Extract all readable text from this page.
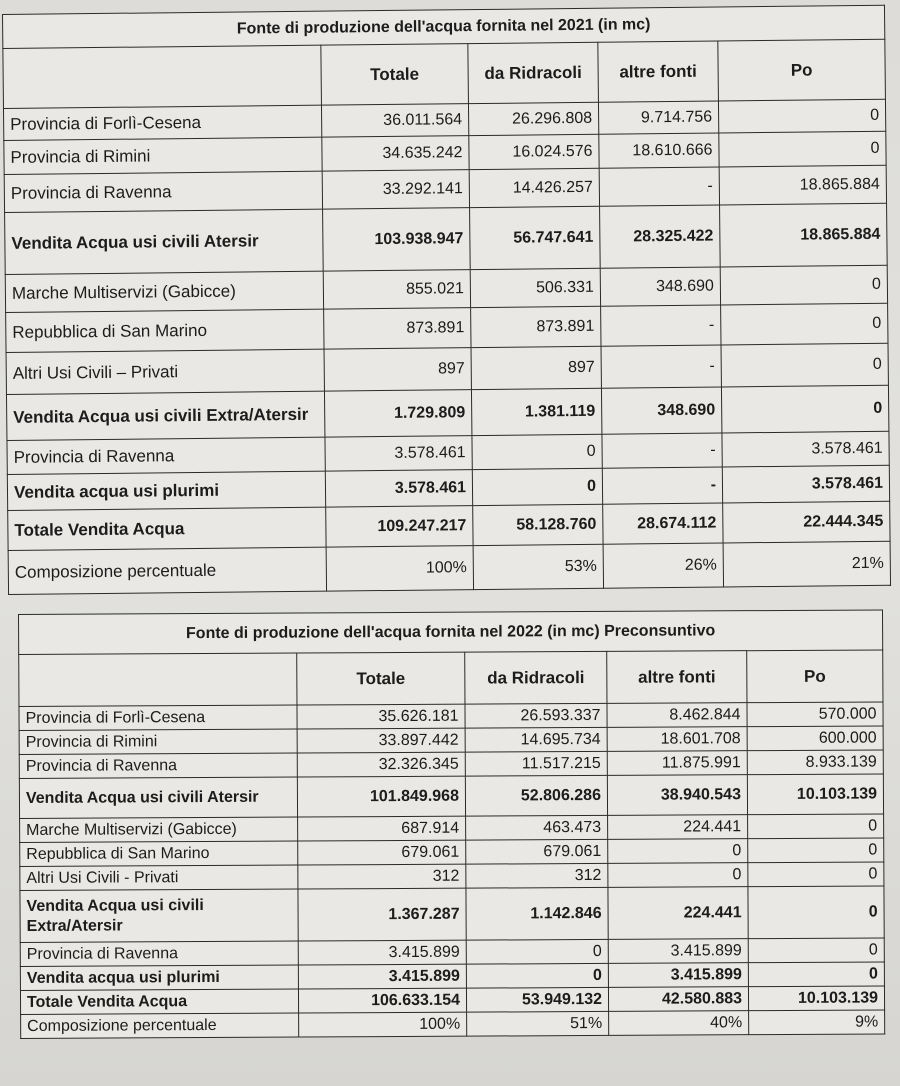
Fonte di produzione dell'acqua fornita nel 2021 (in mc)				
	Totale	da Ridracoli	altre fonti	Po
Provincia di Forlì-Cesena	36.011.564	26.296.808	9.714.756	0
Provincia di Rimini	34.635.242	16.024.576	18.610.666	0
Provincia di Ravenna	33.292.141	14.426.257	-	18.865.884
Vendita Acqua usi civili Atersir	103.938.947	56.747.641	28.325.422	18.865.884
Marche Multiservizi (Gabicce)	855.021	506.331	348.690	0
Repubblica di San Marino	873.891	873.891	-	0
Altri Usi Civili – Privati	897	897	-	0
Vendita Acqua usi civili Extra/Atersir	1.729.809	1.381.119	348.690	0
Provincia di Ravenna	3.578.461	0	-	3.578.461
Vendita acqua usi plurimi	3.578.461	0	-	3.578.461
Totale Vendita Acqua	109.247.217	58.128.760	28.674.112	22.444.345
Composizione percentuale	100%	53%	26%	21%
Fonte di produzione dell'acqua fornita nel 2022 (in mc) Preconsuntivo				
	Totale	da Ridracoli	altre fonti	Po
Provincia di Forlì-Cesena	35.626.181	26.593.337	8.462.844	570.000
Provincia di Rimini	33.897.442	14.695.734	18.601.708	600.000
Provincia di Ravenna	32.326.345	11.517.215	11.875.991	8.933.139
Vendita Acqua usi civili Atersir	101.849.968	52.806.286	38.940.543	10.103.139
Marche Multiservizi (Gabicce)	687.914	463.473	224.441	0
Repubblica di San Marino	679.061	679.061	0	0
Altri Usi Civili - Privati	312	312	0	0
Vendita Acqua usi civili Extra/Atersir	1.367.287	1.142.846	224.441	0
Provincia di Ravenna	3.415.899	0	3.415.899	0
Vendita acqua usi plurimi	3.415.899	0	3.415.899	0
Totale Vendita Acqua	106.633.154	53.949.132	42.580.883	10.103.139
Composizione percentuale	100%	51%	40%	9%
